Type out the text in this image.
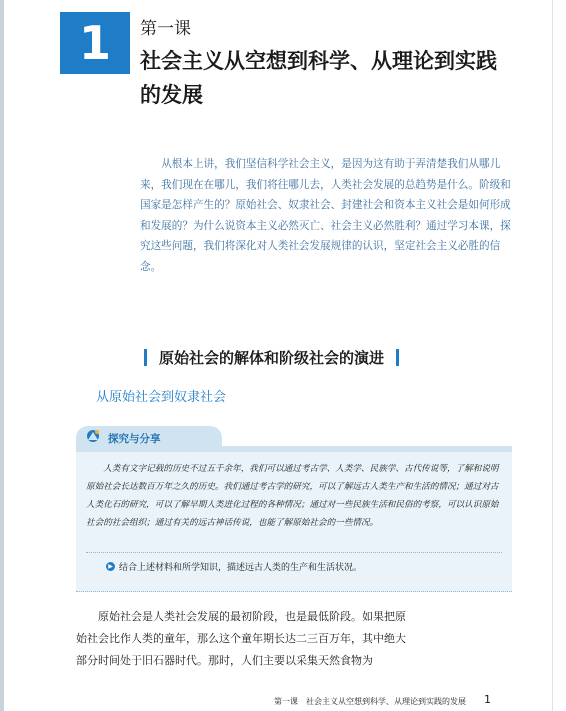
1	第一课
社会主义从空想到科学、从理论到实践的发展

从根本上讲，我们坚信科学社会主义，是因为这有助于弄清楚我们从哪儿来，我们现在在哪儿，我们将往哪儿去，人类社会发展的总趋势是什么。阶级和国家是怎样产生的？原始社会、奴隶社会、封建社会和资本主义社会是如何形成和发展的？为什么说资本主义必然灭亡、社会主义必然胜利？通过学习本课，探究这些问题，我们将深化对人类社会发展规律的认识，坚定社会主义必胜的信念。

原始社会的解体和阶级社会的演进
从原始社会到奴隶社会
探究与分享

人类有文字记载的历史不过五千余年，我们可以通过考古学、人类学、民族学、古代传说等，了解和说明原始社会长达数百万年之久的历史。我们通过考古学的研究，可以了解远古人类生产和生活的情况；通过对古人类化石的研究，可以了解早期人类进化过程的各种情况；通过对一些民族生活和民俗的考察，可以认识原始社会的社会组织；通过有关的远古神话传说，也能了解原始社会的一些情况。

▶ 结合上述材料和所学知识，描述远古人类的生产和生活状况。

原始社会是人类社会发展的最初阶段，也是最低阶段。如果把原始社会比作人类的童年，那么这个童年期长达二三百万年，其中绝大部分时间处于旧石器时代。那时，人们主要以采集天然食物为

第一课　社会主义从空想到科学、从理论到实践的发展 1
